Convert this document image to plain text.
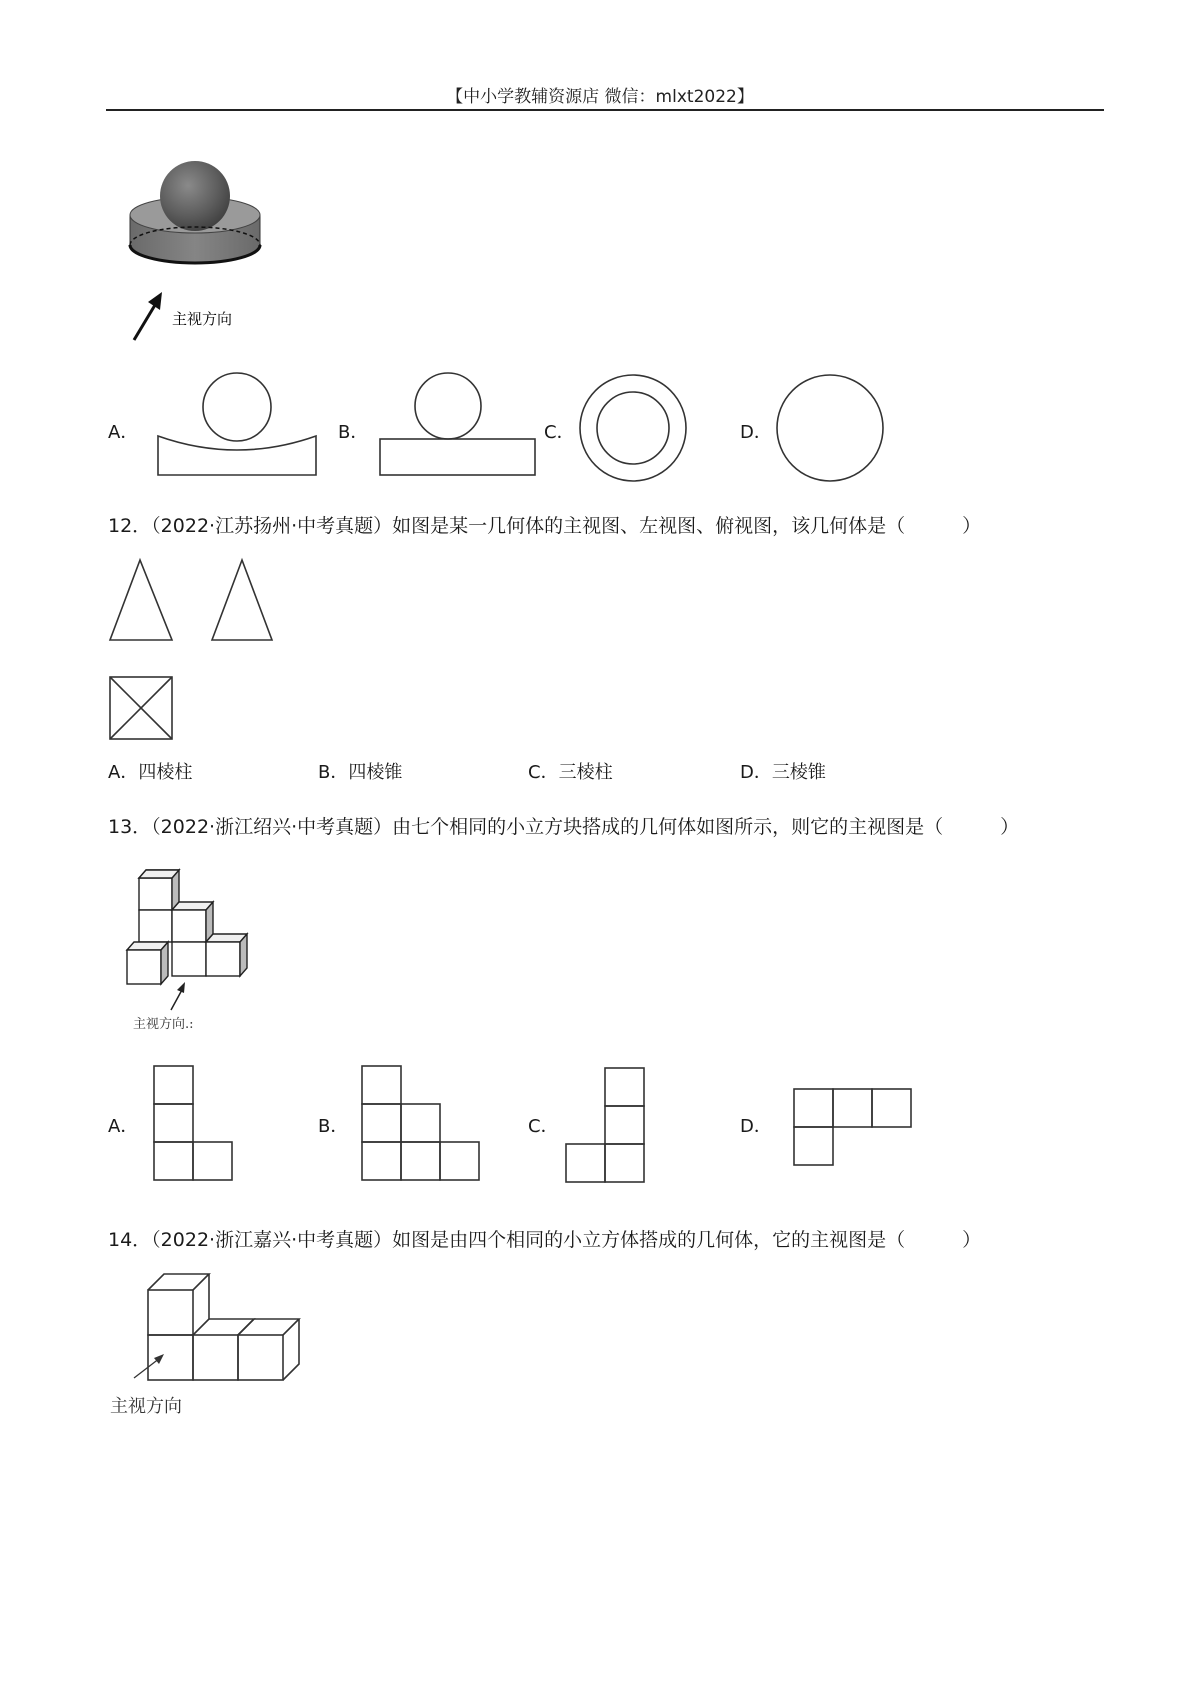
【中小学教辅资源店 微信：mlxt2022】
主视方向
A．	B．	C．	D．
12．（2022·江苏扬州·中考真题）如图是某一几何体的主视图、左视图、俯视图，该几何体是（　　　）
A．四棱柱	B．四棱锥	C．三棱柱	D．三棱锥
13．（2022·浙江绍兴·中考真题）由七个相同的小立方块搭成的几何体如图所示，则它的主视图是（　　　）
主视方向.:
A．	B．	C．	D．
14．（2022·浙江嘉兴·中考真题）如图是由四个相同的小立方体搭成的几何体，它的主视图是（　　　）
主视方向
